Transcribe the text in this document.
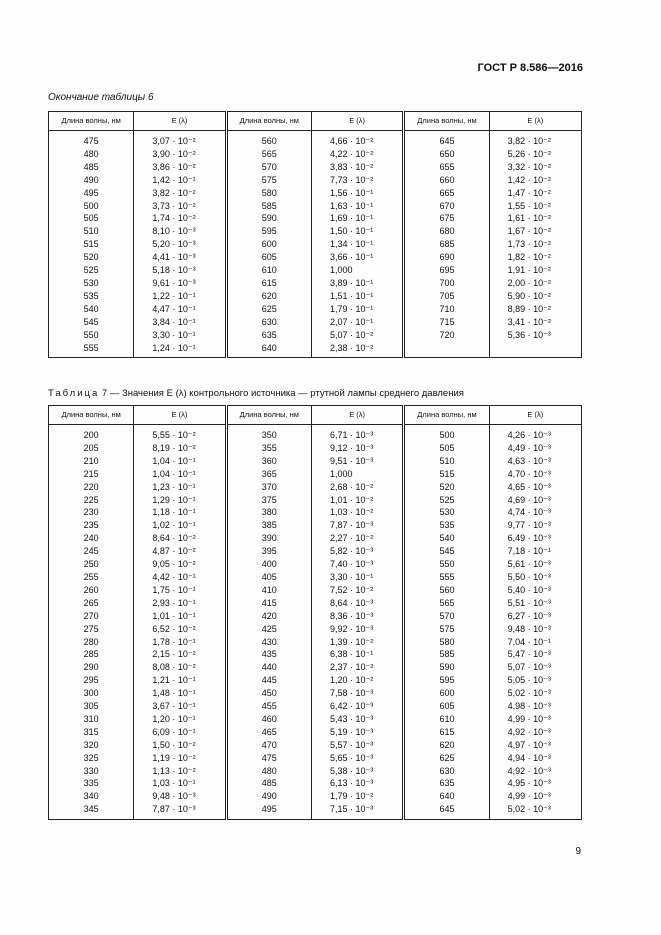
ГОСТ Р 8.586—2016
Окончание таблицы 6
Длина волны, нм	E (λ)	Длина волны, нм	E (λ)	Длина волны, нм	E (λ)
475	3,07 · 10⁻²	560	4,66 · 10⁻²	645	3,82 · 10⁻²
480	3,90 · 10⁻²	565	4,22 · 10⁻²	650	5,26 · 10⁻²
485	3,86 · 10⁻²	570	3,83 · 10⁻²	655	3,32 · 10⁻²
490	1,42 · 10⁻¹	575	7,73 · 10⁻²	660	1,42 · 10⁻²
495	3,82 · 10⁻²	580	1,56 · 10⁻¹	665	1,47 · 10⁻²
500	3,73 · 10⁻²	585	1,63 · 10⁻¹	670	1,55 · 10⁻²
505	1,74 · 10⁻²	590	1,69 · 10⁻¹	675	1,61 · 10⁻²
510	8,10 · 10⁻³	595	1,50 · 10⁻¹	680	1,67 · 10⁻²
515	5,20 · 10⁻³	600	1,34 · 10⁻¹	685	1,73 · 10⁻²
520	4,41 · 10⁻³	605	3,66 · 10⁻¹	690	1,82 · 10⁻²
525	5,18 · 10⁻³	610	1,000	695	1,91 · 10⁻²
530	9,61 · 10⁻³	615	3,89 · 10⁻¹	700	2,00 · 10⁻²
535	1,22 · 10⁻¹	620	1,51 · 10⁻¹	705	5,90 · 10⁻²
540	4,47 · 10⁻¹	625	1,79 · 10⁻¹	710	8,89 · 10⁻²
545	3,84 · 10⁻¹	630	2,07 · 10⁻¹	715	3,41 · 10⁻²
550	3,30 · 10⁻¹	635	5,07 · 10⁻²	720	5,36 · 10⁻³
555	1,24 · 10⁻¹	640	2,38 · 10⁻²		
Таблица 7 — Значения E (λ) контрольного источника — ртутной лампы среднего давления
Длина волны, нм	E (λ)	Длина волны, нм	E (λ)	Длина волны, нм	E (λ)
200	5,55 · 10⁻²	350	6,71 · 10⁻³	500	4,26 · 10⁻³
205	8,19 · 10⁻²	355	9,12 · 10⁻³	505	4,49 · 10⁻³
210	1,04 · 10⁻¹	360	9,51 · 10⁻³	510	4,63 · 10⁻³
215	1,04 · 10⁻¹	365	1,000	515	4,70 · 10⁻³
220	1,23 · 10⁻¹	370	2,68 · 10⁻²	520	4,65 · 10⁻³
225	1,29 · 10⁻¹	375	1,01 · 10⁻²	525	4,69 · 10⁻³
230	1,18 · 10⁻¹	380	1,03 · 10⁻²	530	4,74 · 10⁻³
235	1,02 · 10⁻¹	385	7,87 · 10⁻³	535	9,77 · 10⁻³
240	8,64 · 10⁻²	390	2,27 · 10⁻²	540	6,49 · 10⁻³
245	4,87 · 10⁻²	395	5,82 · 10⁻³	545	7,18 · 10⁻¹
250	9,05 · 10⁻²	400	7,40 · 10⁻³	550	5,61 · 10⁻³
255	4,42 · 10⁻¹	405	3,30 · 10⁻¹	555	5,50 · 10⁻³
260	1,75 · 10⁻¹	410	7,52 · 10⁻²	560	5,40 · 10⁻³
265	2,93 · 10⁻¹	415	8,64 · 10⁻³	565	5,51 · 10⁻³
270	1,01 · 10⁻¹	420	8,36 · 10⁻³	570	6,27 · 10⁻³
275	6,52 · 10⁻²	425	9,92 · 10⁻³	575	9,48 · 10⁻³
280	1,78 · 10⁻¹	430	1,39 · 10⁻²	580	7,04 · 10⁻¹
285	2,15 · 10⁻²	435	6,38 · 10⁻¹	585	5,47 · 10⁻³
290	8,08 · 10⁻²	440	2,37 · 10⁻²	590	5,07 · 10⁻³
295	1,21 · 10⁻¹	445	1,20 · 10⁻²	595	5,05 · 10⁻³
300	1,48 · 10⁻¹	450	7,58 · 10⁻³	600	5,02 · 10⁻³
305	3,67 · 10⁻¹	455	6,42 · 10⁻³	605	4,98 · 10⁻³
310	1,20 · 10⁻¹	460	5,43 · 10⁻³	610	4,99 · 10⁻³
315	6,09 · 10⁻¹	465	5,19 · 10⁻³	615	4,92 · 10⁻³
320	1,50 · 10⁻²	470	5,57 · 10⁻³	620	4,97 · 10⁻³
325	1,19 · 10⁻²	475	5,65 · 10⁻³	625	4,94 · 10⁻³
330	1,13 · 10⁻²	480	5,38 · 10⁻³	630	4,92 · 10⁻³
335	1,03 · 10⁻¹	485	6,13 · 10⁻³	635	4,95 · 10⁻³
340	9,48 · 10⁻³	490	1,79 · 10⁻²	640	4,99 · 10⁻³
345	7,87 · 10⁻³	495	7,15 · 10⁻³	645	5,02 · 10⁻³
9
